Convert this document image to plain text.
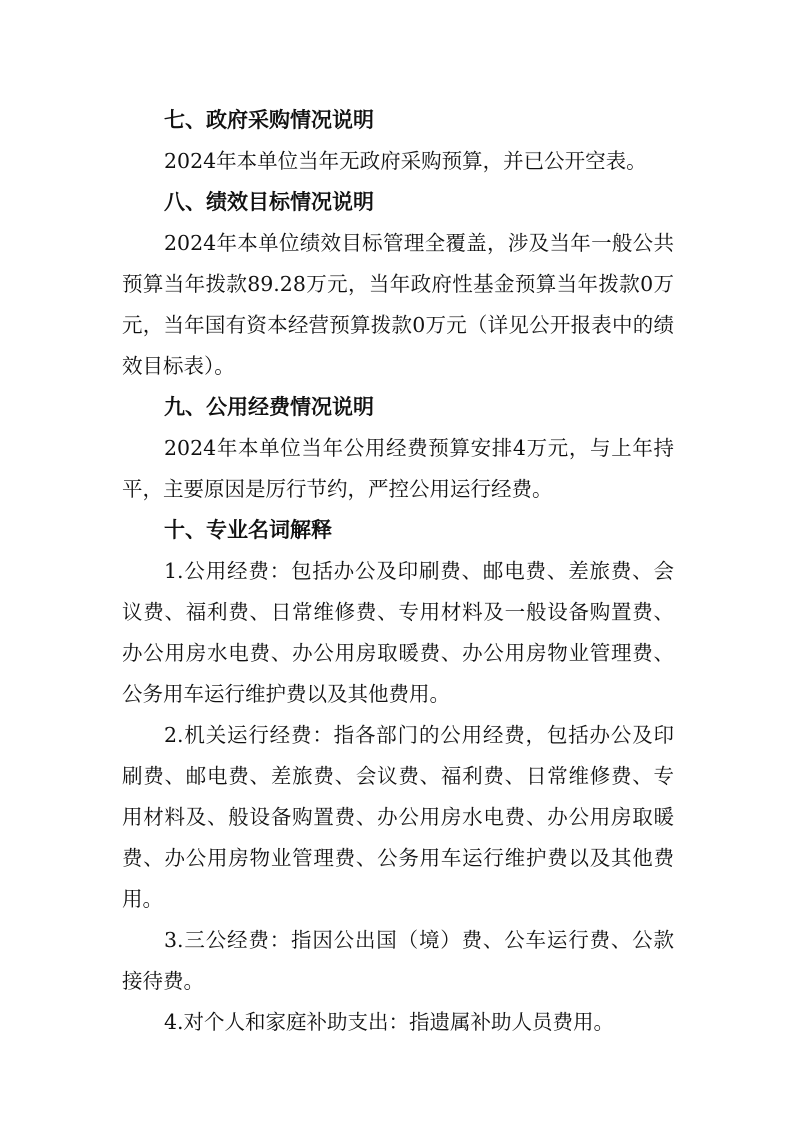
七、政府采购情况说明

2024年本单位当年无政府采购预算，并已公开空表。

八、绩效目标情况说明

2024年本单位绩效目标管理全覆盖，涉及当年一般公共预算当年拨款89.28万元，当年政府性基金预算当年拨款0万元，当年国有资本经营预算拨款0万元（详见公开报表中的绩效目标表）。

九、公用经费情况说明

2024年本单位当年公用经费预算安排4万元，与上年持平，主要原因是厉行节约，严控公用运行经费。

十、专业名词解释

1.公用经费：包括办公及印刷费、邮电费、差旅费、会议费、福利费、日常维修费、专用材料及一般设备购置费、办公用房水电费、办公用房取暖费、办公用房物业管理费、公务用车运行维护费以及其他费用。

2.机关运行经费：指各部门的公用经费，包括办公及印刷费、邮电费、差旅费、会议费、福利费、日常维修费、专用材料及、般设备购置费、办公用房水电费、办公用房取暖费、办公用房物业管理费、公务用车运行维护费以及其他费用。

3.三公经费：指因公出国（境）费、公车运行费、公款接待费。

4.对个人和家庭补助支出：指遗属补助人员费用。
